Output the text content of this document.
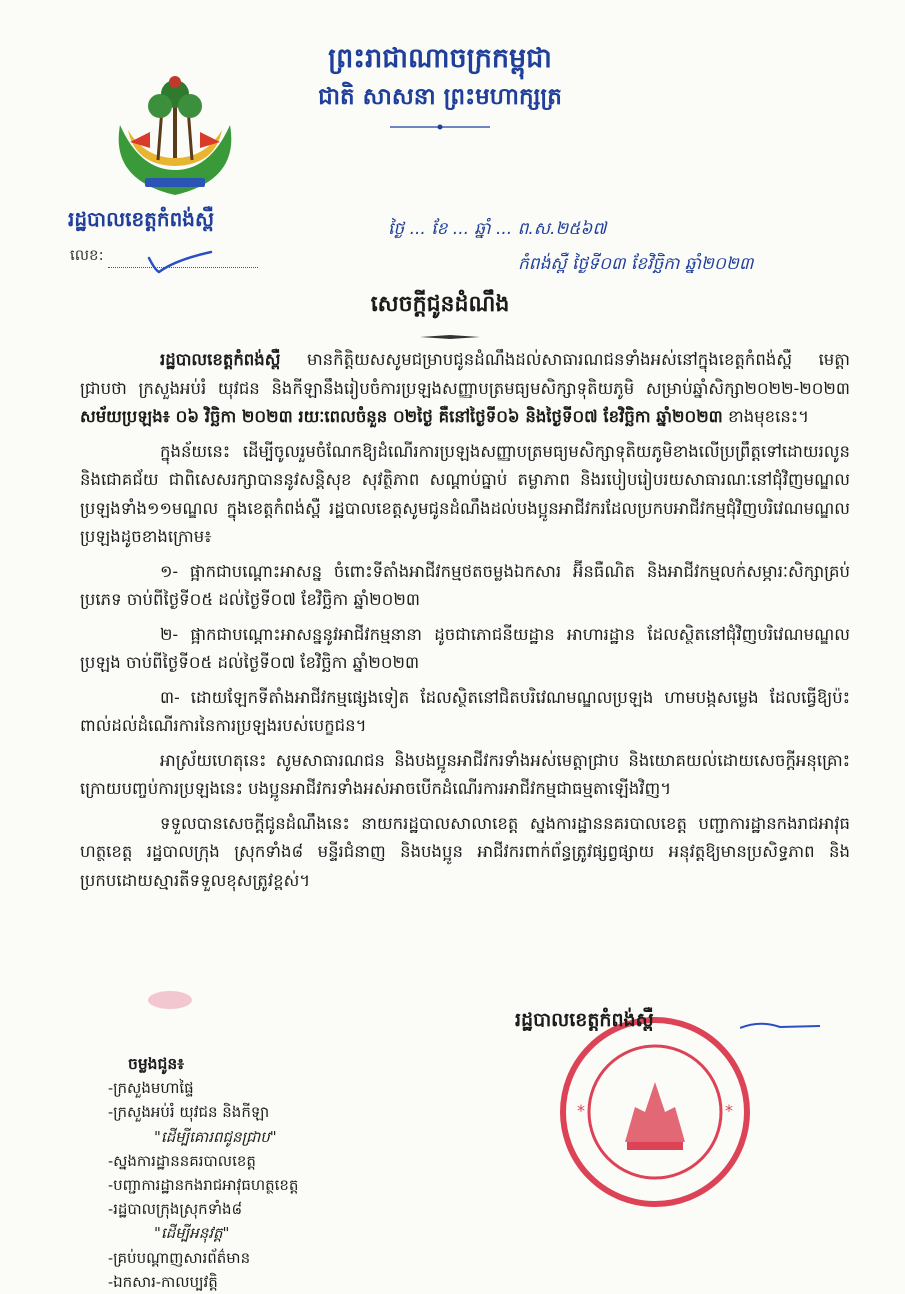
ព្រះរាជាណាចក្រកម្ពុជា
ជាតិ សាសនា ព្រះមហាក្សត្រ
រដ្ឋបាលខេត្តកំពង់ស្ពឺ
លេខ:
ថ្ងៃ ... ខែ ... ឆ្នាំ ... ព.ស.២៥៦៧
កំពង់ស្ពឺ ថ្ងៃទី០៣ ខែវិច្ឆិកា ឆ្នាំ២០២៣
សេចក្តីជូនដំណឹង

រដ្ឋបាលខេត្តកំពង់ស្ពឺ មានកិត្តិយសសូមជម្រាបជូនដំណឹងដល់សាធារណជនទាំងអស់នៅក្នុងខេត្តកំពង់ស្ពឺ មេត្តាជ្រាបថា ក្រសួងអប់រំ យុវជន និងកីឡានឹងរៀបចំការប្រឡងសញ្ញាបត្រមធ្យមសិក្សាទុតិយភូមិ សម្រាប់ឆ្នាំសិក្សា២០២២-២០២៣ សម័យប្រឡង៖ ០៦ វិច្ឆិកា ២០២៣ រយៈពេលចំនួន ០២ថ្ងៃ គឺនៅថ្ងៃទី០៦ និងថ្ងៃទី០៧ ខែវិច្ឆិកា ឆ្នាំ២០២៣ ខាងមុខនេះ។

ក្នុងន័យនេះ ដើម្បីចូលរួមចំណែកឱ្យដំណើរការប្រឡងសញ្ញាបត្រមធ្យមសិក្សាទុតិយភូមិខាងលើប្រព្រឹត្តទៅដោយរលូន និងជោគជ័យ ជាពិសេសរក្សាបាននូវសន្តិសុខ សុវត្ថិភាព សណ្តាប់ធ្នាប់ តម្លាភាព និងរបៀបរៀបរយសាធារណៈនៅជុំវិញមណ្ឌលប្រឡងទាំង១១មណ្ឌល ក្នុងខេត្តកំពង់ស្ពឺ រដ្ឋបាលខេត្តសូមជូនដំណឹងដល់បងប្អូនអាជីវករដែលប្រកបអាជីវកម្មជុំវិញបរិវេណមណ្ឌលប្រឡងដូចខាងក្រោម៖

១- ផ្អាកជាបណ្ដោះអាសន្ន ចំពោះទីតាំងអាជីវកម្មថតចម្លងឯកសារ អ៊ីនធឺណិត និងអាជីវកម្មលក់សម្ភារៈសិក្សាគ្រប់ប្រភេទ ចាប់ពីថ្ងៃទី០៥ ដល់ថ្ងៃទី០៧ ខែវិច្ឆិកា ឆ្នាំ២០២៣

២- ផ្អាកជាបណ្ដោះអាសន្ននូវអាជីវកម្មនានា ដូចជាភោជនីយដ្ឋាន អាហារដ្ឋាន ដែលស្ថិតនៅជុំវិញបរិវេណមណ្ឌលប្រឡង ចាប់ពីថ្ងៃទី០៥ ដល់ថ្ងៃទី០៧ ខែវិច្ឆិកា ឆ្នាំ២០២៣

៣- ដោយឡែកទីតាំងអាជីវកម្មផ្សេងទៀត ដែលស្ថិតនៅជិតបរិវេណមណ្ឌលប្រឡង ហាមបង្កសម្លេង ដែលធ្វើឱ្យប៉ះពាល់ដល់ដំណើរការនៃការប្រឡងរបស់បេក្ខជន។

អាស្រ័យហេតុនេះ សូមសាធារណជន និងបងប្អូនអាជីវករទាំងអស់មេត្តាជ្រាប និងយោគយល់ដោយសេចក្តីអនុគ្រោះ ក្រោយបញ្ចប់ការប្រឡងនេះ បងប្អូនអាជីវករទាំងអស់អាចបើកដំណើរការអាជីវកម្មជាធម្មតាឡើងវិញ។

ទទួលបានសេចក្តីជូនដំណឹងនេះ នាយករដ្ឋបាលសាលាខេត្ត ស្នងការដ្ឋាននគរបាលខេត្ត បញ្ជាការដ្ឋានកងរាជអាវុធហត្ថខេត្ត រដ្ឋបាលក្រុង ស្រុកទាំង៨ មន្ទីរជំនាញ និងបងប្អូន អាជីវករពាក់ព័ន្ធត្រូវផ្សព្វផ្សាយ អនុវត្តឱ្យមានប្រសិទ្ធភាព និងប្រកបដោយស្មារតីទទួលខុសត្រូវខ្ពស់។

*	*
រដ្ឋបាលខេត្តកំពង់ស្ពឺ
ចម្លងជូន៖
-ក្រសួងមហាផ្ទៃ
-ក្រសួងអប់រំ យុវជន និងកីឡា
"ដើម្បីគោរពជូនជ្រាប"
-ស្នងការដ្ឋាននគរបាលខេត្ត
-បញ្ជាការដ្ឋានកងរាជអាវុធហត្ថខេត្ត
-រដ្ឋបាលក្រុងស្រុកទាំង៨
"ដើម្បីអនុវត្ត"
-គ្រប់បណ្តាញសារព័ត៌មាន
-ឯកសារ-កាលប្បវត្តិ
